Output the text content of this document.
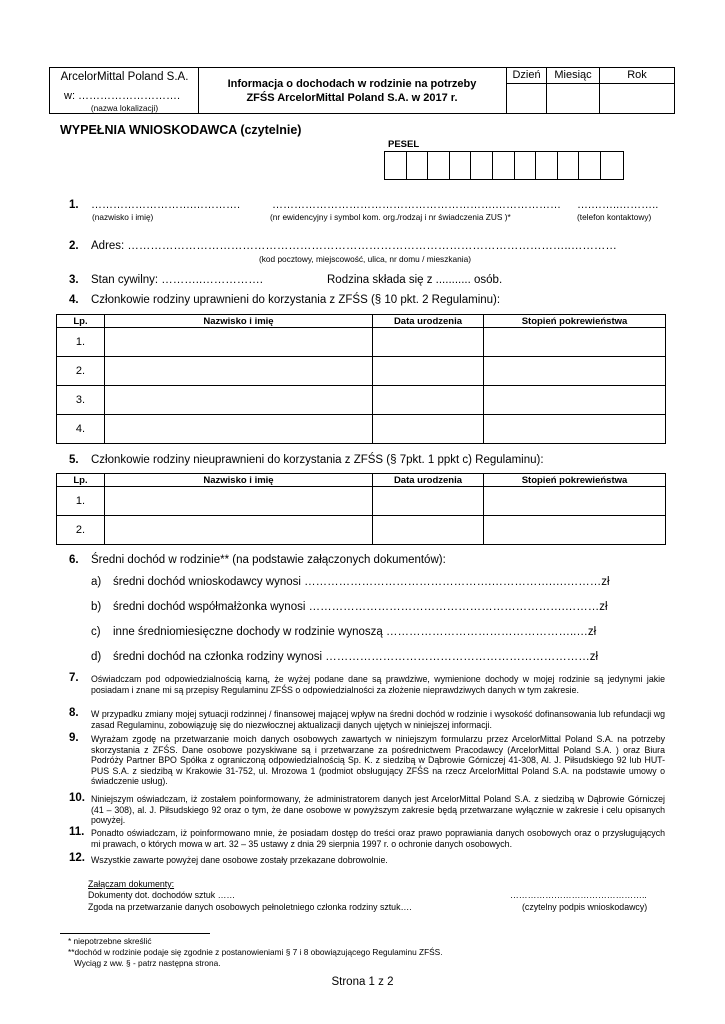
ArcelorMittal Poland S.A.
w: ……………………….
(nazwa lokalizacji)
Informacja o dochodach w rodzinie na potrzeby
ZFŚS ArcelorMittal Poland S.A. w 2017 r.
Dzień	Miesiąc	Rok
WYPEŁNIA WNIOSKODAWCA (czytelnie)
PESEL
1. ……………………….………….	…………………………………………………….……………… ….……..………..
(nazwisko i imię)	(nr ewidencyjny i symbol kom. org./rodzaj i nr świadczenia ZUS )*	(telefon kontaktowy)
2. Adres: ……………………………………………………………………………………………………..…………
(kod pocztowy, miejscowość, ulica, nr domu / mieszkania)
3. Stan cywilny: ………..…………….	Rodzina składa się z ........... osób.
4. Członkowie rodziny uprawnieni do korzystania z ZFŚS (§ 10 pkt. 2 Regulaminu):
Lp.	Nazwisko i imię	Data urodzenia	Stopień pokrewieństwa
1.			
2.			
3.			
4.			
5. Członkowie rodziny nieuprawnieni do korzystania z ZFŚS (§ 7pkt. 1 ppkt c) Regulaminu):
Lp.	Nazwisko i imię	Data urodzenia	Stopień pokrewieństwa
1.			
2.			
6. Średni dochód w rodzinie** (na podstawie załączonych dokumentów):
a) średni dochód wnioskodawcy wynosi ………………………………………….…………….….………zł
b) średni dochód współmałżonka wynosi ………………………………………………………….………zł
c) inne średniomiesięczne dochody w rodzinie wynoszą …………………………………………..…zł
d) średni dochód na członka rodziny wynosi ……………………………………………………………zł
7. Oświadczam pod odpowiedzialnością karną, że wyżej podane dane są prawdziwe, wymienione dochody w mojej rodzinie są jedynymi jakie posiadam i znane mi są przepisy Regulaminu ZFŚS o odpowiedzialności za złożenie nieprawdziwych danych w tym zakresie.
8. W przypadku zmiany mojej sytuacji rodzinnej / finansowej mającej wpływ na średni dochód w rodzinie i wysokość dofinansowania lub refundacji wg zasad Regulaminu, zobowiązuję się do niezwłocznej aktualizacji danych ujętych w niniejszej informacji.
9. Wyrażam zgodę na przetwarzanie moich danych osobowych zawartych w niniejszym formularzu przez ArcelorMittal Poland S.A. na potrzeby skorzystania z ZFŚS. Dane osobowe pozyskiwane są i przetwarzane za pośrednictwem Pracodawcy (ArcelorMittal Poland S.A. ) oraz Biura Podróży Partner BPO Spółka z ograniczoną odpowiedzialnością Sp. K. z siedzibą w Dąbrowie Górniczej 41-308, Al. J. Piłsudskiego 92 lub HUT-PUS S.A. z siedzibą w Krakowie 31-752, ul. Mrozowa 1 (podmiot obsługujący ZFŚS na rzecz ArcelorMittal Poland S.A. na podstawie umowy o świadczenie usług).
10. Niniejszym oświadczam, iż zostałem poinformowany, że administratorem danych jest ArcelorMittal Poland S.A. z siedzibą w Dąbrowie Górniczej (41 – 308), al. J. Piłsudskiego 92 oraz o tym, że dane osobowe w powyższym zakresie będą przetwarzane wyłącznie w zakresie i celu opisanych powyżej.
11. Ponadto oświadczam, iż poinformowano mnie, że posiadam dostęp do treści oraz prawo poprawiania danych osobowych oraz o przysługujących mi prawach, o których mowa w art. 32 – 35 ustawy z dnia 29 sierpnia 1997 r. o ochronie danych osobowych.
12. Wszystkie zawarte powyżej dane osobowe zostały przekazane dobrowolnie.
Załączam dokumenty:
Dokumenty dot. dochodów sztuk ……
Zgoda na przetwarzanie danych osobowych pełnoletniego członka rodziny sztuk….
………………………………………..
(czytelny podpis wnioskodawcy)
* niepotrzebne skreślić
**dochód w rodzinie podaje się zgodnie z postanowieniami § 7 i 8 obowiązującego Regulaminu ZFŚS.
Wyciąg z ww. § - patrz następna strona.
Strona 1 z 2
